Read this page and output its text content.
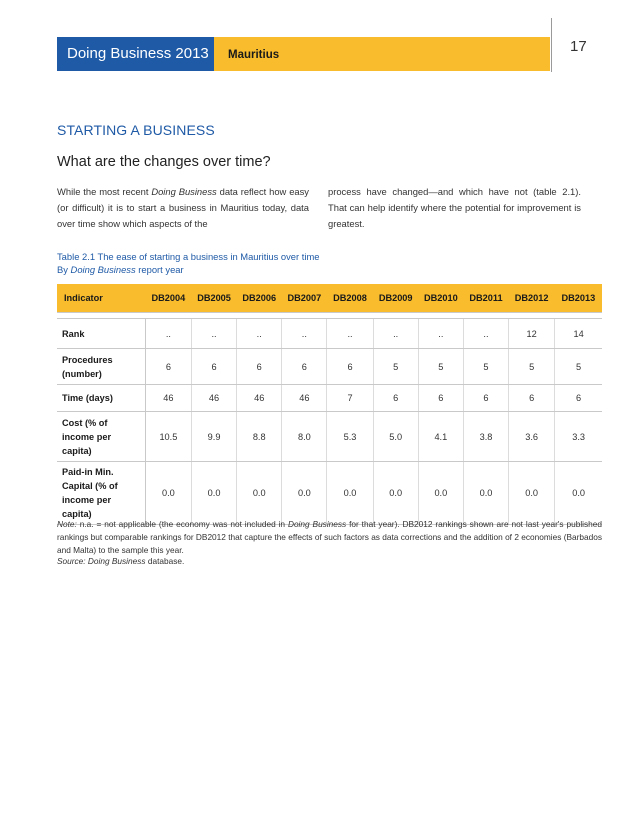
Doing Business 2013	Mauritius	17
STARTING A BUSINESS
What are the changes over time?
While the most recent Doing Business data reflect how easy (or difficult) it is to start a business in Mauritius today, data over time show which aspects of the
process have changed—and which have not (table 2.1). That can help identify where the potential for improvement is greatest.
Table 2.1 The ease of starting a business in Mauritius over time
By Doing Business report year
Indicator	DB2004	DB2005	DB2006	DB2007	DB2008	DB2009	DB2010	DB2011	DB2012	DB2013

Rank	..	..	..	..	..	..	..	..	12	14
Procedures (number)	6	6	6	6	6	5	5	5	5	5
Time (days)	46	46	46	46	7	6	6	6	6	6
Cost (% of income per capita)	10.5	9.9	8.8	8.0	5.3	5.0	4.1	3.8	3.6	3.3
Paid-in Min. Capital (% of income per capita)	0.0	0.0	0.0	0.0	0.0	0.0	0.0	0.0	0.0	0.0
Note: n.a. = not applicable (the economy was not included in Doing Business for that year). DB2012 rankings shown are not last year's published rankings but comparable rankings for DB2012 that capture the effects of such factors as data corrections and the addition of 2 economies (Barbados and Malta) to the sample this year.
Source: Doing Business database.
